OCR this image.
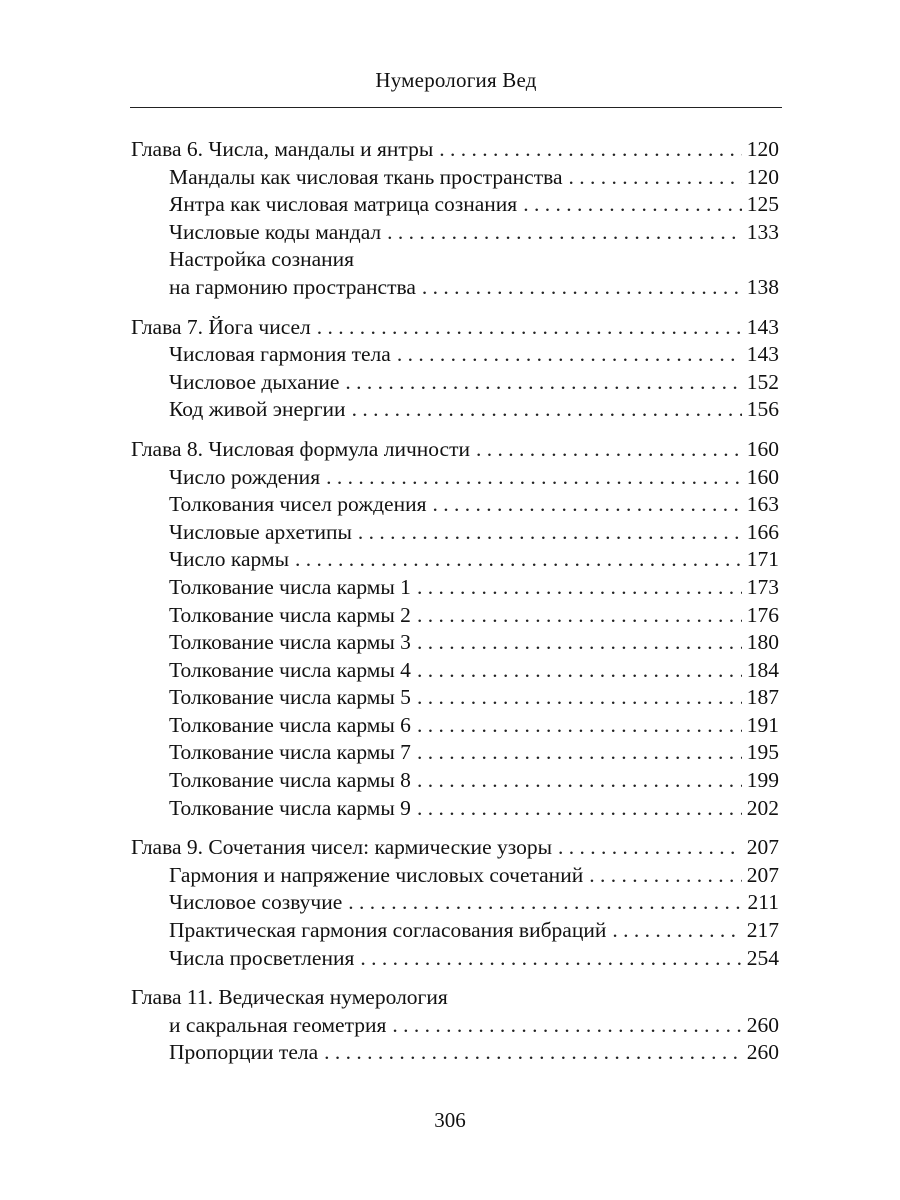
Нумерология Вед
Глава 6. Числа, мандалы и янтры . . .	120
Мандалы как числовая ткань пространства . . .	120
Янтра как числовая матрица сознания . . .	125
Числовые коды мандал . . .	133
Настройка сознания
на гармонию пространства . . .	138
Глава 7. Йога чисел . . .	143
Числовая гармония тела . . .	143
Числовое дыхание . . .	152
Код живой энергии . . .	156
Глава 8. Числовая формула личности . . .	160
Число рождения . . .	160
Толкования чисел рождения . . .	163
Числовые архетипы . . .	166
Число кармы . . .	171
Толкование числа кармы 1 . . .	173
Толкование числа кармы 2 . . .	176
Толкование числа кармы 3 . . .	180
Толкование числа кармы 4 . . .	184
Толкование числа кармы 5 . . .	187
Толкование числа кармы 6 . . .	191
Толкование числа кармы 7 . . .	195
Толкование числа кармы 8 . . .	199
Толкование числа кармы 9 . . .	202
Глава 9. Сочетания чисел: кармические узоры . . .	207
Гармония и напряжение числовых сочетаний . . .	207
Числовое созвучие . . .	211
Практическая гармония согласования вибраций . . .	217
Числа просветления . . .	254
Глава 11. Ведическая нумерология
и сакральная геометрия . . .	260
Пропорции тела . . .	260
306
